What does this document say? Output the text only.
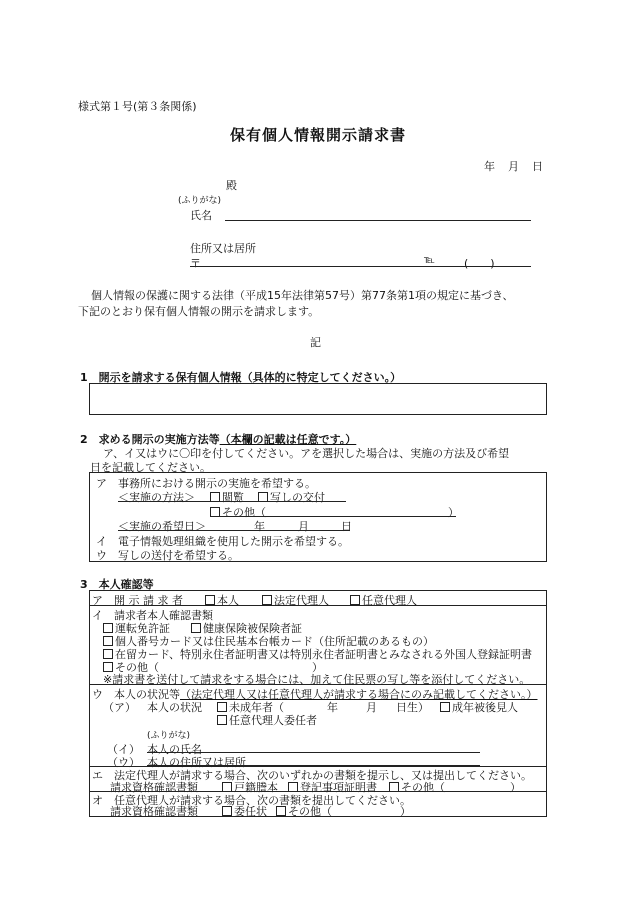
様式第１号(第３条関係)
保有個人情報開示請求書
年 月 日
殿
(ふりがな)
氏名
住所又は居所
〒	℡	(　　)
個人情報の保護に関する法律（平成15年法律第57号）第77条第1項の規定に基づき、
下記のとおり保有個人情報の開示を請求します。
記
1　開示を請求する保有個人情報（具体的に特定してください。）
2　求める開示の実施方法等（本欄の記載は任意です。）
ア、イ又はウに〇印を付してください。アを選択した場合は、実施の方法及び希望
日を記載してください。
ア　事務所における開示の実施を希望する。
＜実施の方法＞	閲覧	写しの交付
その他（	）
＜実施の希望日＞	年	月	日
イ　電子情報処理組織を使用した開示を希望する。
ウ　写しの送付を希望する。
3　本人確認等
ア　開 示 請 求 者	本人	法定代理人	任意代理人
イ　請求者本人確認書類
運転免許証	健康保険被保険者証
個人番号カード又は住民基本台帳カード（住所記載のあるもの）
在留カード、特別永住者証明書又は特別永住者証明書とみなされる外国人登録証明書
その他（	）
※請求書を送付して請求をする場合には、加えて住民票の写し等を添付してください。
ウ　本人の状況等（法定代理人又は任意代理人が請求する場合にのみ記載してください。）
（ア） 本人の状況	未成年者（	年	月 日生）	成年被後見人
任意代理人委任者
(ふりがな)
（イ） 本人の氏名
（ウ） 本人の住所又は居所
エ　法定代理人が請求する場合、次のいずれかの書類を提示し、又は提出してください。
請求資格確認書類	戸籍謄本	登記事項証明書	その他（	）
オ　任意代理人が請求する場合、次の書類を提出してください。
請求資格確認書類	委任状	その他（	）
